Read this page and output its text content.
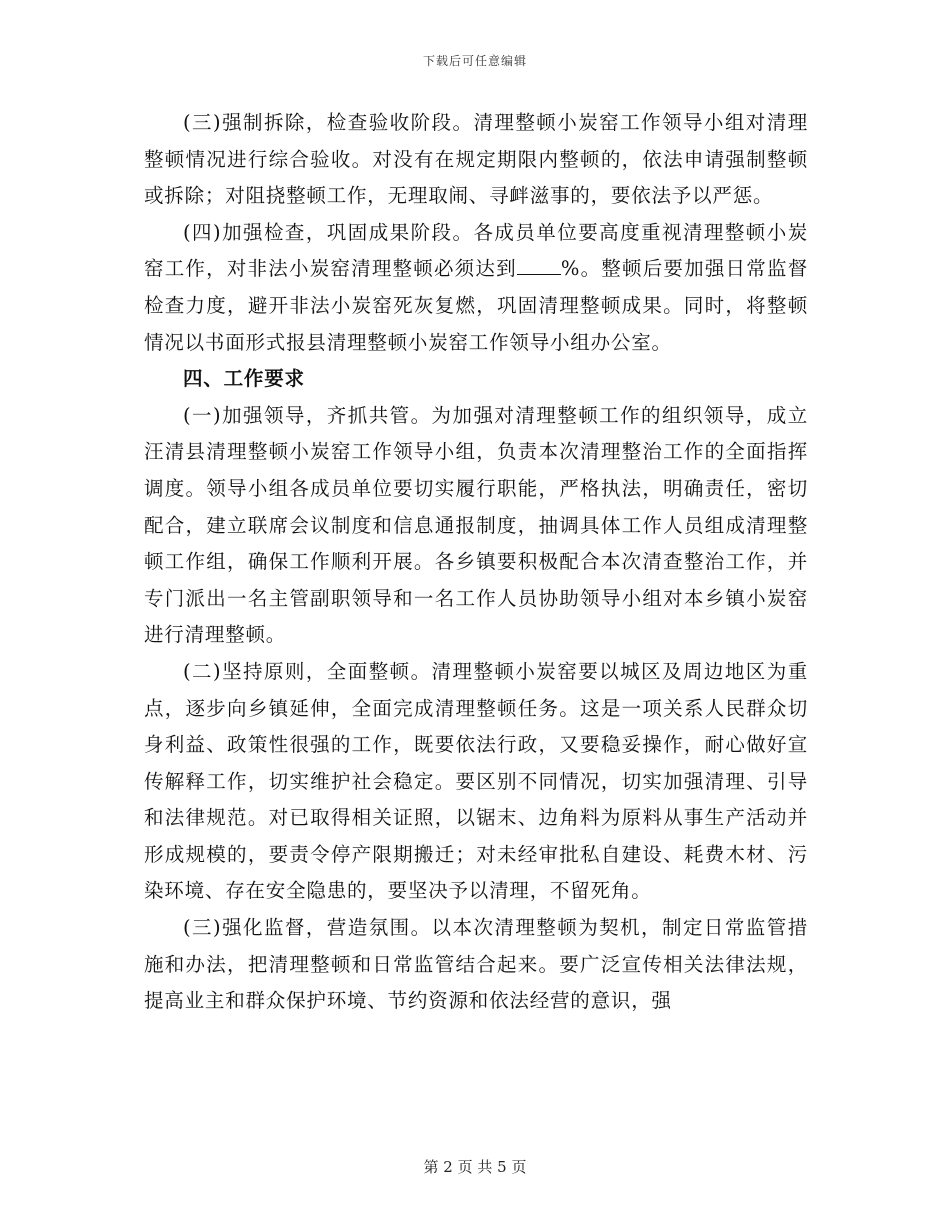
下载后可任意编辑

(三)强制拆除，检查验收阶段。清理整顿小炭窑工作领导小组对清理整顿情况进行综合验收。对没有在规定期限内整顿的，依法申请强制整顿或拆除；对阻挠整顿工作，无理取闹、寻衅滋事的，要依法予以严惩。

(四)加强检查，巩固成果阶段。各成员单位要高度重视清理整顿小炭窑工作，对非法小炭窑清理整顿必须达到 %。整顿后要加强日常监督检查力度，避开非法小炭窑死灰复燃，巩固清理整顿成果。同时，将整顿情况以书面形式报县清理整顿小炭窑工作领导小组办公室。

四、工作要求

(一)加强领导，齐抓共管。为加强对清理整顿工作的组织领导，成立汪清县清理整顿小炭窑工作领导小组，负责本次清理整治工作的全面指挥调度。领导小组各成员单位要切实履行职能，严格执法，明确责任，密切配合，建立联席会议制度和信息通报制度，抽调具体工作人员组成清理整顿工作组，确保工作顺利开展。各乡镇要积极配合本次清查整治工作，并专门派出一名主管副职领导和一名工作人员协助领导小组对本乡镇小炭窑进行清理整顿。

(二)坚持原则，全面整顿。清理整顿小炭窑要以城区及周边地区为重点，逐步向乡镇延伸，全面完成清理整顿任务。这是一项关系人民群众切身利益、政策性很强的工作，既要依法行政，又要稳妥操作，耐心做好宣传解释工作，切实维护社会稳定。要区别不同情况，切实加强清理、引导和法律规范。对已取得相关证照，以锯末、边角料为原料从事生产活动并形成规模的，要责令停产限期搬迁；对未经审批私自建设、耗费木材、污染环境、存在安全隐患的，要坚决予以清理，不留死角。

(三)强化监督，营造氛围。以本次清理整顿为契机，制定日常监管措施和办法，把清理整顿和日常监管结合起来。要广泛宣传相关法律法规，提高业主和群众保护环境、节约资源和依法经营的意识，强

第 2 页 共 5 页
